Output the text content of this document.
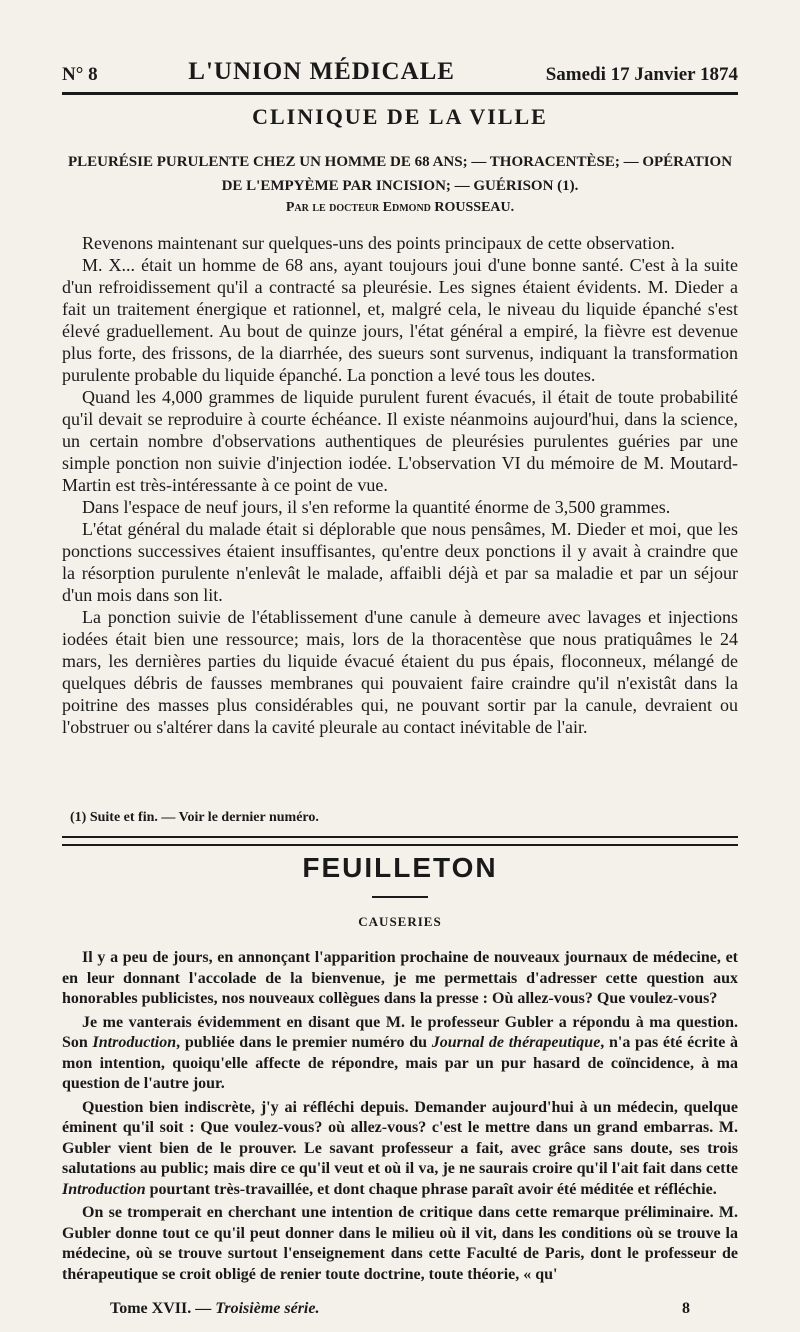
N° 8	L'UNION MÉDICALE	Samedi 17 Janvier 1874
CLINIQUE DE LA VILLE
PLEURÉSIE PURULENTE CHEZ UN HOMME DE 68 ANS; — THORACENTÈSE; — OPÉRATION
DE L'EMPYÈME PAR INCISION; — GUÉRISON (1).
Par le docteur Edmond ROUSSEAU.

Revenons maintenant sur quelques-uns des points principaux de cette observation.

M. X... était un homme de 68 ans, ayant toujours joui d'une bonne santé. C'est à la suite d'un refroidissement qu'il a contracté sa pleurésie. Les signes étaient évidents. M. Dieder a fait un traitement énergique et rationnel, et, malgré cela, le niveau du liquide épanché s'est élevé graduellement. Au bout de quinze jours, l'état général a empiré, la fièvre est devenue plus forte, des frissons, de la diarrhée, des sueurs sont survenus, indiquant la transformation purulente probable du liquide épanché. La ponction a levé tous les doutes.

Quand les 4,000 grammes de liquide purulent furent évacués, il était de toute probabilité qu'il devait se reproduire à courte échéance. Il existe néanmoins aujourd'hui, dans la science, un certain nombre d'observations authentiques de pleurésies purulentes guéries par une simple ponction non suivie d'injection iodée. L'observation VI du mémoire de M. Moutard-Martin est très-intéressante à ce point de vue.

Dans l'espace de neuf jours, il s'en reforme la quantité énorme de 3,500 grammes.

L'état général du malade était si déplorable que nous pensâmes, M. Dieder et moi, que les ponctions successives étaient insuffisantes, qu'entre deux ponctions il y avait à craindre que la résorption purulente n'enlevât le malade, affaibli déjà et par sa maladie et par un séjour d'un mois dans son lit.

La ponction suivie de l'établissement d'une canule à demeure avec lavages et injections iodées était bien une ressource; mais, lors de la thoracentèse que nous pratiquâmes le 24 mars, les dernières parties du liquide évacué étaient du pus épais, floconneux, mélangé de quelques débris de fausses membranes qui pouvaient faire craindre qu'il n'existât dans la poitrine des masses plus considérables qui, ne pouvant sortir par la canule, devraient ou l'obstruer ou s'altérer dans la cavité pleurale au contact inévitable de l'air.

(1) Suite et fin. — Voir le dernier numéro.
FEUILLETON
CAUSERIES

Il y a peu de jours, en annonçant l'apparition prochaine de nouveaux journaux de médecine, et en leur donnant l'accolade de la bienvenue, je me permettais d'adresser cette question aux honorables publicistes, nos nouveaux collègues dans la presse : Où allez-vous? Que voulez-vous?

Je me vanterais évidemment en disant que M. le professeur Gubler a répondu à ma question. Son Introduction, publiée dans le premier numéro du Journal de thérapeutique, n'a pas été écrite à mon intention, quoiqu'elle affecte de répondre, mais par un pur hasard de coïncidence, à ma question de l'autre jour.

Question bien indiscrète, j'y ai réfléchi depuis. Demander aujourd'hui à un médecin, quelque éminent qu'il soit : Que voulez-vous? où allez-vous? c'est le mettre dans un grand embarras. M. Gubler vient bien de le prouver. Le savant professeur a fait, avec grâce sans doute, ses trois salutations au public; mais dire ce qu'il veut et où il va, je ne saurais croire qu'il l'ait fait dans cette Introduction pourtant très-travaillée, et dont chaque phrase paraît avoir été méditée et réfléchie.

On se tromperait en cherchant une intention de critique dans cette remarque préliminaire. M. Gubler donne tout ce qu'il peut donner dans le milieu où il vit, dans les conditions où se trouve la médecine, où se trouve surtout l'enseignement dans cette Faculté de Paris, dont le professeur de thérapeutique se croit obligé de renier toute doctrine, toute théorie, « qu'

Tome XVII. — Troisième série.	8
